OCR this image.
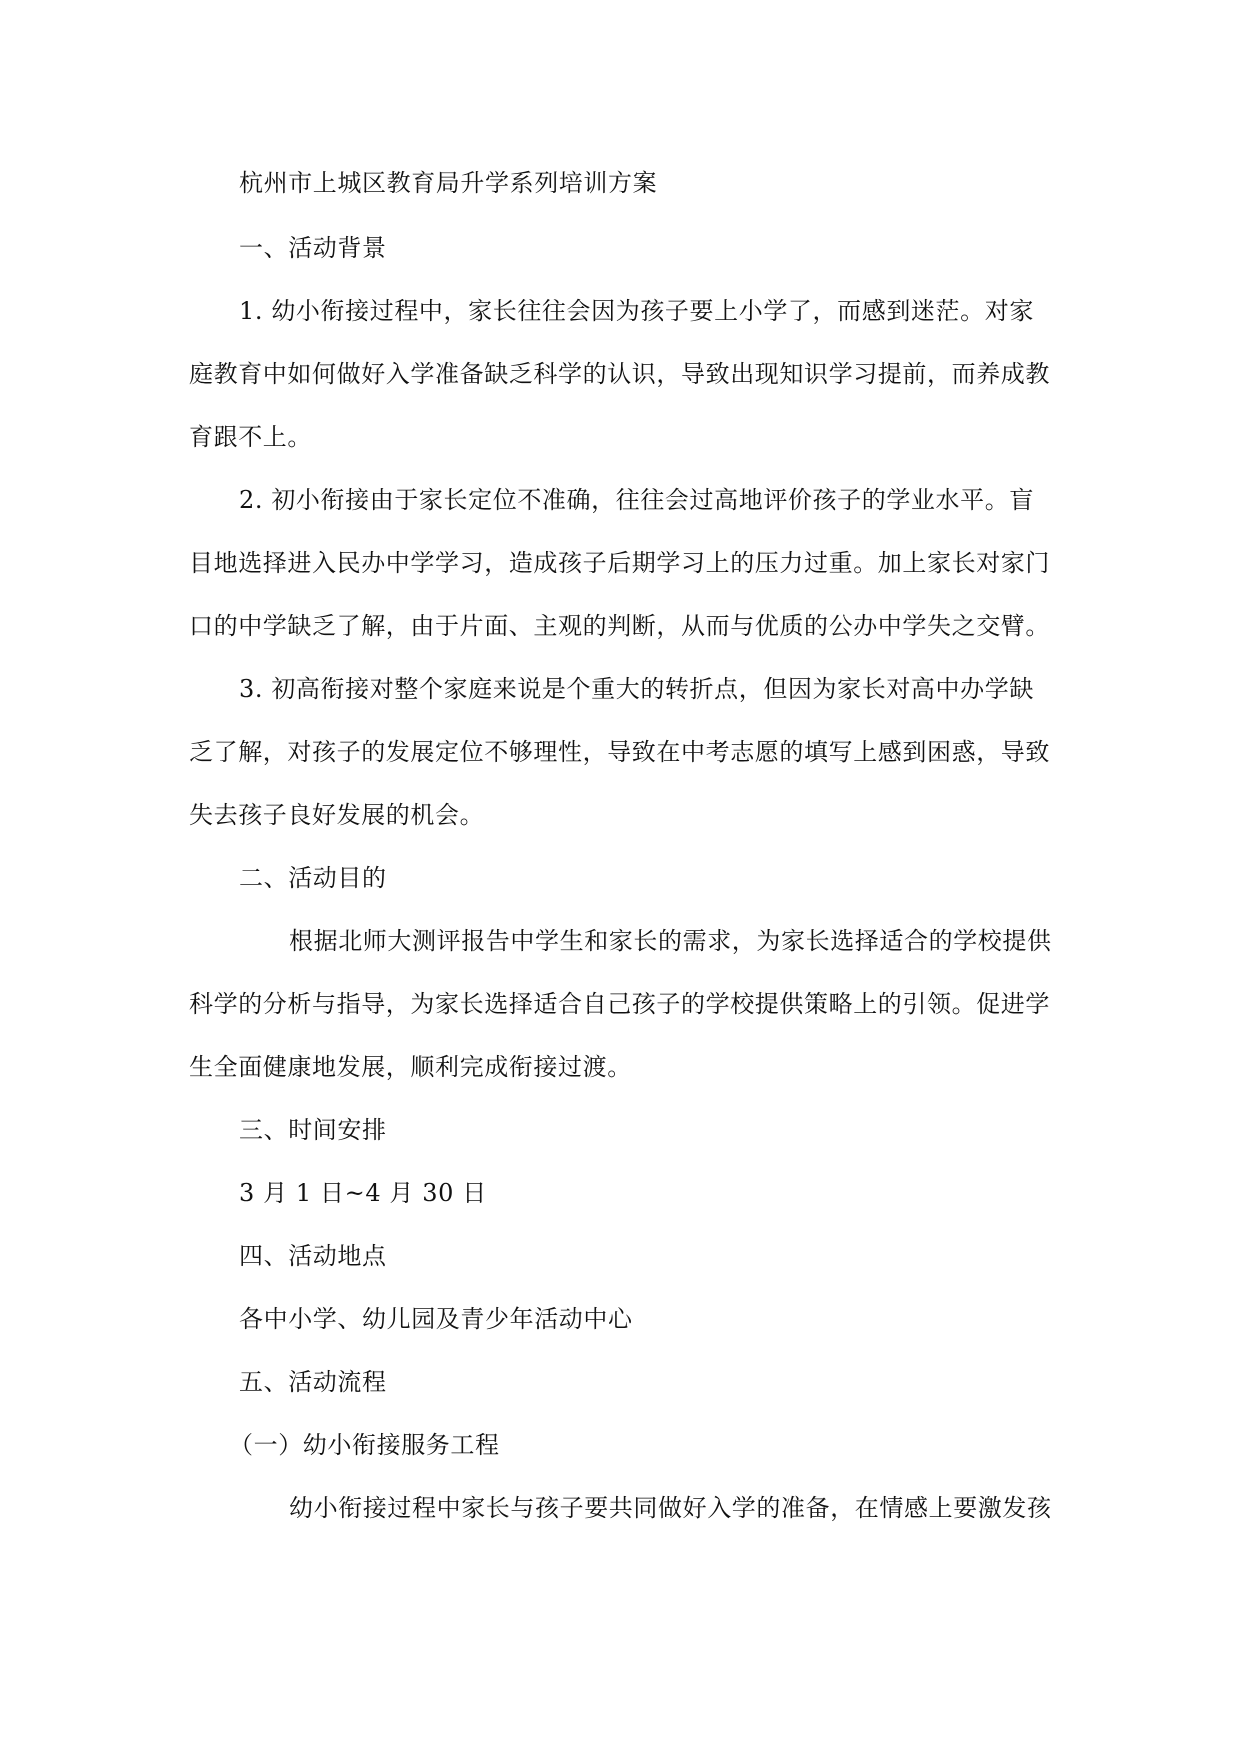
杭州市上城区教育局升学系列培训方案
一、活动背景
1. 幼小衔接过程中，家长往往会因为孩子要上小学了，而感到迷茫。对家
庭教育中如何做好入学准备缺乏科学的认识，导致出现知识学习提前，而养成教
育跟不上。
2. 初小衔接由于家长定位不准确，往往会过高地评价孩子的学业水平。盲
目地选择进入民办中学学习，造成孩子后期学习上的压力过重。加上家长对家门
口的中学缺乏了解，由于片面、主观的判断，从而与优质的公办中学失之交臂。
3. 初高衔接对整个家庭来说是个重大的转折点，但因为家长对高中办学缺
乏了解，对孩子的发展定位不够理性，导致在中考志愿的填写上感到困惑，导致
失去孩子良好发展的机会。
二、活动目的
根据北师大测评报告中学生和家长的需求，为家长选择适合的学校提供
科学的分析与指导，为家长选择适合自己孩子的学校提供策略上的引领。促进学
生全面健康地发展，顺利完成衔接过渡。
三、时间安排
3 月 1 日~4 月 30 日
四、活动地点
各中小学、幼儿园及青少年活动中心
五、活动流程
（一）幼小衔接服务工程
幼小衔接过程中家长与孩子要共同做好入学的准备，在情感上要激发孩
